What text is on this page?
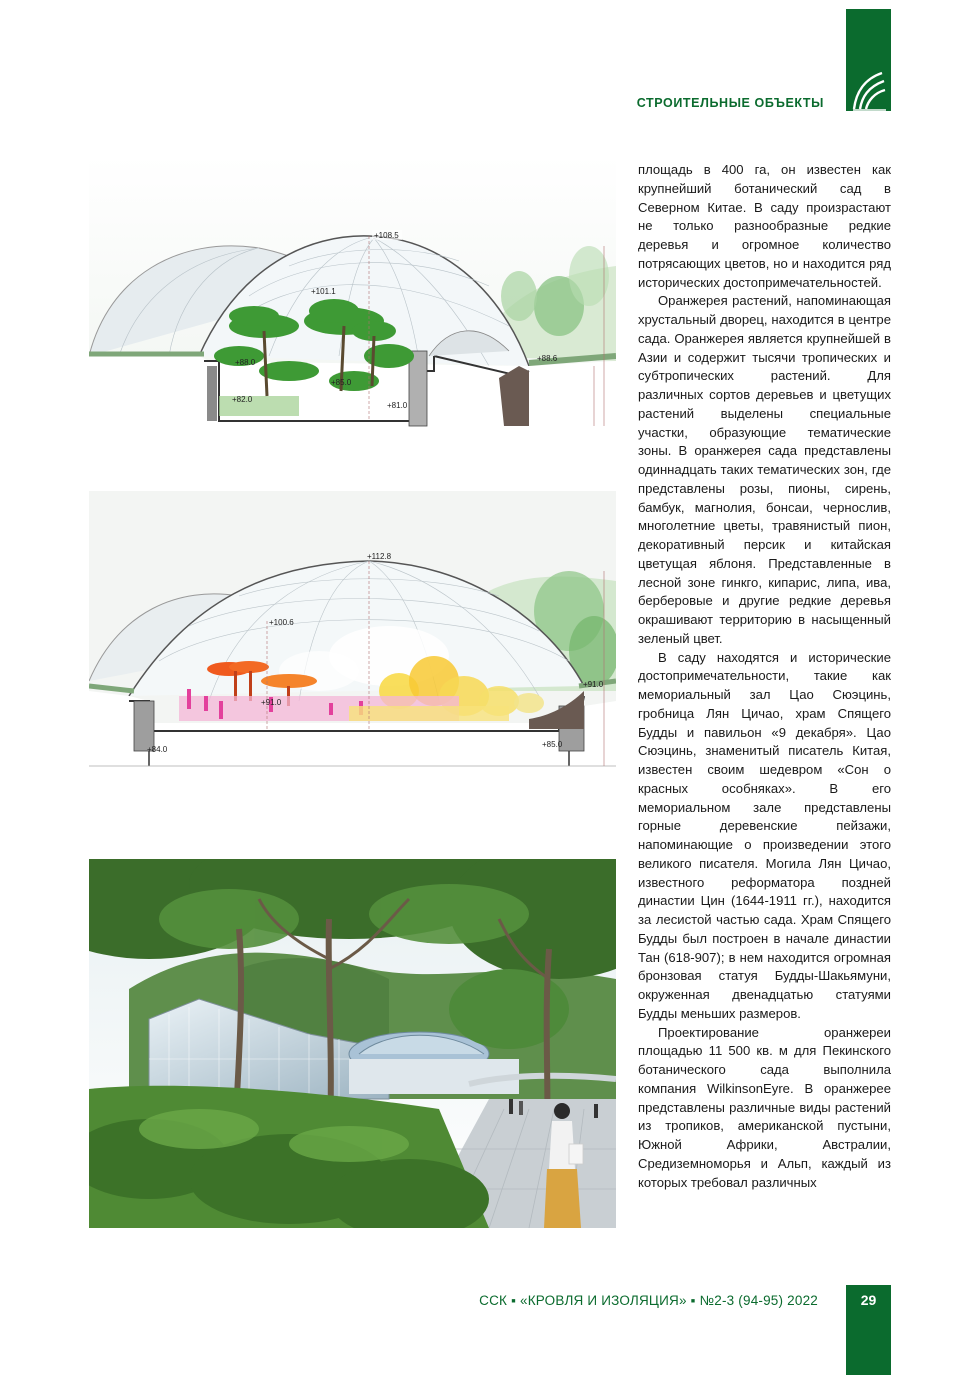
СТРОИТЕЛЬНЫЕ ОБЪЕКТЫ
+108.5
+101.1
+88.0	+88.6
+85.0
+82.0
+81.0
+112.8
+100.6
+91.0
+91.0
+84.0
+85.0

площадь в 400 га, он известен как крупнейший ботанический сад в Северном Китае. В саду произрастают не только разнообразные редкие деревья и огромное количество потрясающих цветов, но и находится ряд исторических достопримечательностей.

Оранжерея растений, напоминающая хрустальный дворец, находится в центре сада. Оранжерея является крупнейшей в Азии и содержит тысячи тропических и субтропических растений. Для различных сортов деревьев и цветущих растений выделены специальные участки, образующие тематические зоны. В оранжерея сада представлены одиннадцать таких тематических зон, где представлены розы, пионы, сирень, бамбук, магнолия, бонсаи, чернослив, многолетние цветы, травянистый пион, декоративный персик и китайская цветущая яблоня. Представленные в лесной зоне гинкго, кипарис, липа, ива, берберовые и другие редкие деревья окрашивают территорию в насыщенный зеленый цвет.

В саду находятся и исторические достопримечательности, такие как мемориальный зал Цао Сюэцинь, гробница Лян Цичао, храм Спящего Будды и павильон «9 декабря». Цао Сюэцинь, знаменитый писатель Китая, известен своим шедевром «Сон о красных особняках». В его мемориальном зале представлены горные деревенские пейзажи, напоминающие о произведении этого великого писателя. Могила Лян Цичао, известного реформатора поздней династии Цин (1644-1911 гг.), находится за лесистой частью сада. Храм Спящего Будды был построен в начале династии Тан (618-907); в нем находится огромная бронзовая статуя Будды-Шакьямуни, окруженная двенадцатью статуями Будды меньших размеров.

Проектирование оранжереи площадью 11 500 кв. м для Пекинского ботанического сада выполнила компания WilkinsonEyre. В оранжерее представлены различные виды растений из тропиков, американской пустыни, Южной Африки, Австралии, Средиземноморья и Альп, каждый из которых требовал различных

ССК ▪ «КРОВЛЯ И ИЗОЛЯЦИЯ» ▪ №2-3 (94-95) 2022	29
